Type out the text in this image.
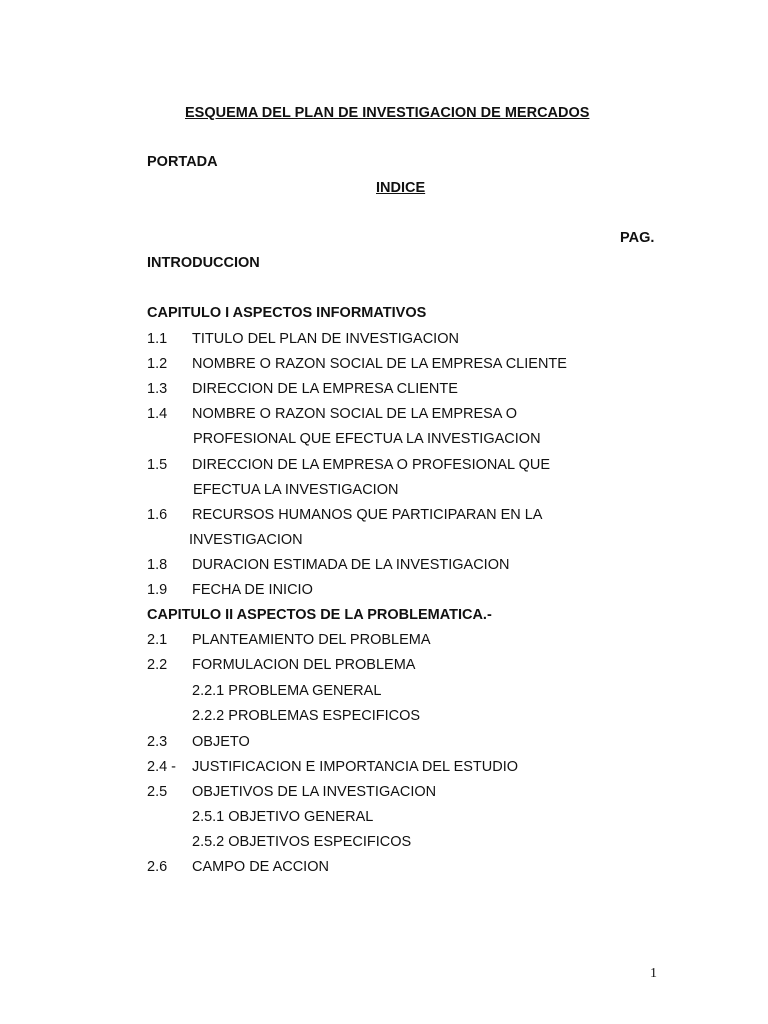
ESQUEMA DEL PLAN DE INVESTIGACION DE MERCADOS
PORTADA
INDICE
PAG.
INTRODUCCION
CAPITULO I ASPECTOS INFORMATIVOS
1.1 TITULO DEL PLAN DE INVESTIGACION
1.2 NOMBRE O RAZON SOCIAL DE LA EMPRESA CLIENTE
1.3 DIRECCION DE LA EMPRESA CLIENTE
1.4 NOMBRE O RAZON SOCIAL DE LA EMPRESA O
PROFESIONAL QUE EFECTUA LA INVESTIGACION
1.5 DIRECCION DE LA EMPRESA O PROFESIONAL QUE
EFECTUA LA INVESTIGACION
1.6 RECURSOS HUMANOS QUE PARTICIPARAN EN LA
INVESTIGACION
1.8 DURACION ESTIMADA DE LA INVESTIGACION
1.9 FECHA DE INICIO
CAPITULO II ASPECTOS DE LA PROBLEMATICA.-
2.1 PLANTEAMIENTO DEL PROBLEMA
2.2 FORMULACION DEL PROBLEMA
2.2.1 PROBLEMA GENERAL
2.2.2 PROBLEMAS ESPECIFICOS
2.3 OBJETO
2.4 - JUSTIFICACION E IMPORTANCIA DEL ESTUDIO
2.5 OBJETIVOS DE LA INVESTIGACION
2.5.1 OBJETIVO GENERAL
2.5.2 OBJETIVOS ESPECIFICOS
2.6 CAMPO DE ACCION
1
